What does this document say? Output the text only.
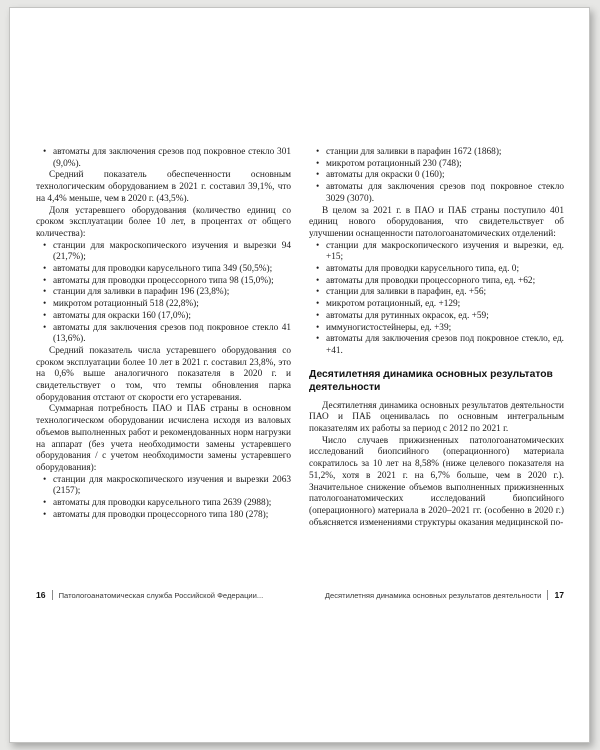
• автоматы для заключения срезов под покровное стекло 301 (9,0%).
Средний показатель обеспеченности основным технологическим оборудованием в 2021 г. составил 39,1%, что на 4,4% меньше, чем в 2020 г. (43,5%).
Доля устаревшего оборудования (количество единиц со сроком эксплуатации более 10 лет, в процентах от общего количества):
• станции для макроскопического изучения и вырезки 94 (21,7%);
• автоматы для проводки карусельного типа 349 (50,5%);
• автоматы для проводки процессорного типа 98 (15,0%);
• станции для заливки в парафин 196 (23,8%);
• микротом ротационный 518 (22,8%);
• автоматы для окраски 160 (17,0%);
• автоматы для заключения срезов под покровное стекло 41 (13,6%).
Средний показатель числа устаревшего оборудования со сроком эксплуатации более 10 лет в 2021 г. составил 23,8%, это на 0,6% выше аналогичного показателя в 2020 г. и свидетельствует о том, что темпы обновления парка оборудования отстают от скорости его устаревания.
Суммарная потребность ПАО и ПАБ страны в основном технологическом оборудовании исчислена исходя из валовых объемов выполненных работ и рекомендованных норм нагрузки на аппарат (без учета необходимости замены устаревшего оборудования / с учетом необходимости замены устаревшего оборудования):
• станции для макроскопического изучения и вырезки 2063 (2157);
• автоматы для проводки карусельного типа 2639 (2988);
• автоматы для проводки процессорного типа 180 (278);
• станции для заливки в парафин 1672 (1868);
• микротом ротационный 230 (748);
• автоматы для окраски 0 (160);
• автоматы для заключения срезов под покровное стекло 3029 (3070).
В целом за 2021 г. в ПАО и ПАБ страны поступило 401 единиц нового оборудования, что свидетельствует об улучшении оснащенности патологоанатомических отделений:
• станции для макроскопического изучения и вырезки, ед. +15;
• автоматы для проводки карусельного типа, ед. 0;
• автоматы для проводки процессорного типа, ед. +62;
• станции для заливки в парафин, ед. +56;
• микротом ротационный, ед. +129;
• автоматы для рутинных окрасок, ед. +59;
• иммуногистостейнеры, ед. +39;
• автоматы для заключения срезов под покровное стекло, ед. +41.
Десятилетняя динамика основных результатов деятельности
Десятилетняя динамика основных результатов деятельности ПАО и ПАБ оценивалась по основным интегральным показателям их работы за период с 2012 по 2021 г.
Число случаев прижизненных патологоанатомических исследований биопсийного (операционного) материала сократилось за 10 лет на 8,58% (ниже целевого показателя на 51,2%, хотя в 2021 г. на 6,7% больше, чем в 2020 г.). Значительное снижение объемов выполненных прижизненных патологоанатомических исследований биопсийного (операционного) материала в 2020–2021 гг. (особенно в 2020 г.) объясняется изменениями структуры оказания медицинской по-
16 Патологоанатомическая служба Российской Федерации...	Десятилетняя динамика основных результатов деятельности 17
